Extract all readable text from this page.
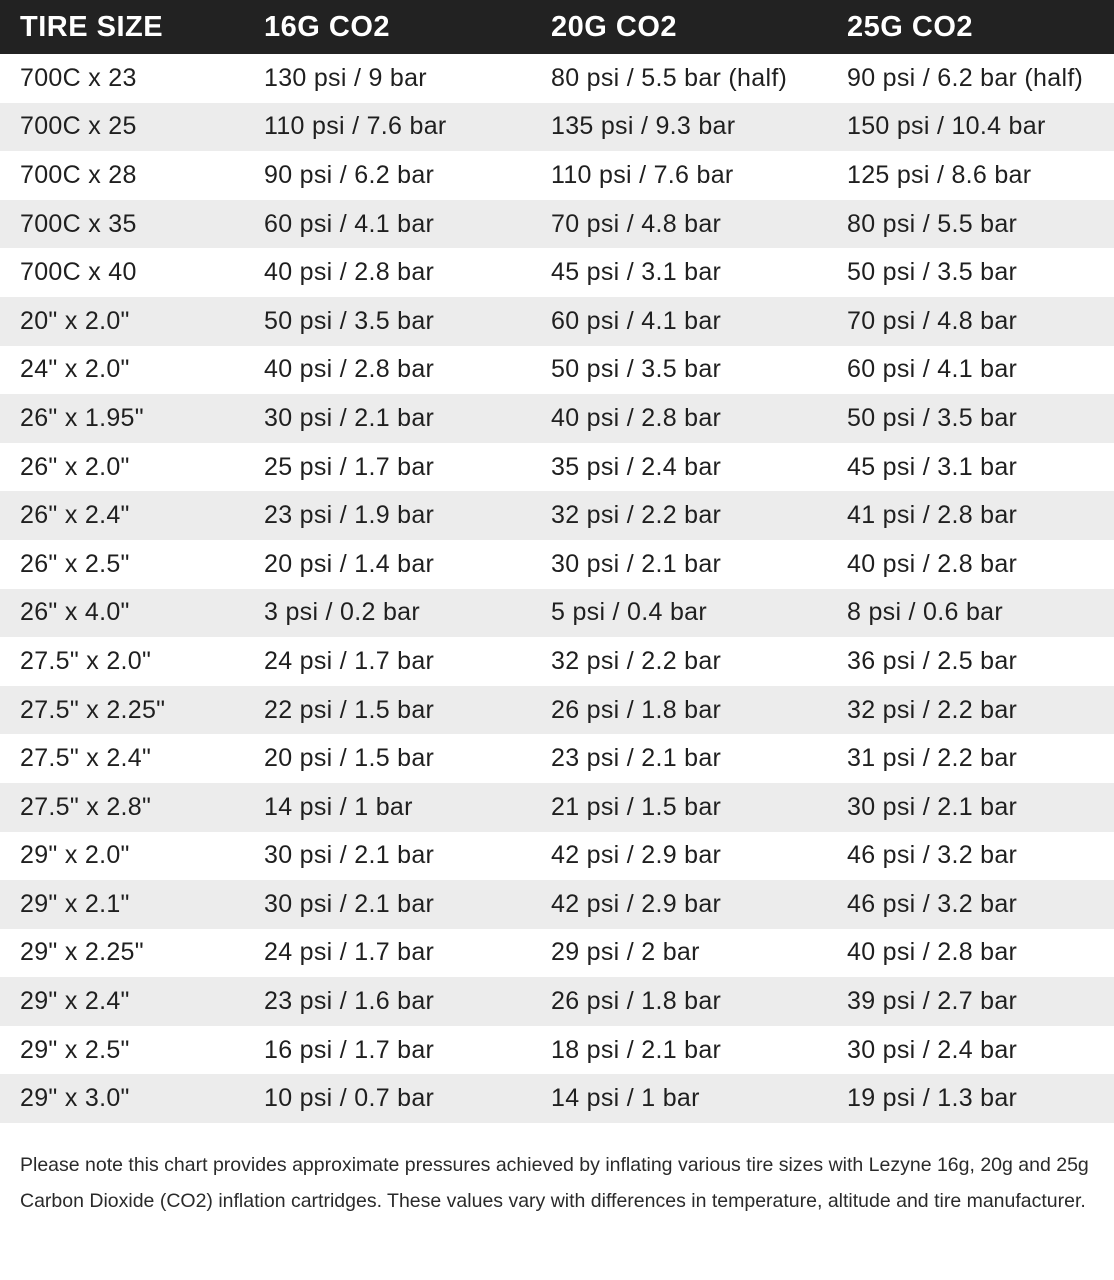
TIRE SIZE	16G CO2	20G CO2	25G CO2
700C x 23	130 psi / 9 bar	80 psi / 5.5 bar (half)	90 psi / 6.2 bar (half)
700C x 25	110 psi / 7.6 bar	135 psi / 9.3 bar	150 psi / 10.4 bar
700C x 28	90 psi / 6.2 bar	110 psi / 7.6 bar	125 psi / 8.6 bar
700C x 35	60 psi / 4.1 bar	70 psi / 4.8 bar	80 psi / 5.5 bar
700C x 40	40 psi / 2.8 bar	45 psi / 3.1 bar	50 psi / 3.5 bar
20" x 2.0"	50 psi / 3.5 bar	60 psi / 4.1 bar	70 psi / 4.8 bar
24" x 2.0"	40 psi / 2.8 bar	50 psi / 3.5 bar	60 psi / 4.1 bar
26" x 1.95"	30 psi / 2.1 bar	40 psi / 2.8 bar	50 psi / 3.5 bar
26" x 2.0"	25 psi / 1.7 bar	35 psi / 2.4 bar	45 psi / 3.1 bar
26" x 2.4"	23 psi / 1.9 bar	32 psi / 2.2 bar	41 psi / 2.8 bar
26" x 2.5"	20 psi / 1.4 bar	30 psi / 2.1 bar	40 psi / 2.8 bar
26" x 4.0"	3 psi / 0.2 bar	5 psi / 0.4 bar	8 psi / 0.6 bar
27.5" x 2.0"	24 psi / 1.7 bar	32 psi / 2.2 bar	36 psi / 2.5 bar
27.5" x 2.25"	22 psi / 1.5 bar	26 psi / 1.8 bar	32 psi / 2.2 bar
27.5" x 2.4"	20 psi / 1.5 bar	23 psi / 2.1 bar	31 psi / 2.2 bar
27.5" x 2.8"	14 psi / 1 bar	21 psi / 1.5 bar	30 psi / 2.1 bar
29" x 2.0"	30 psi / 2.1 bar	42 psi / 2.9 bar	46 psi / 3.2 bar
29" x 2.1"	30 psi / 2.1 bar	42 psi / 2.9 bar	46 psi / 3.2 bar
29" x 2.25"	24 psi / 1.7 bar	29 psi / 2 bar	40 psi / 2.8 bar
29" x 2.4"	23 psi / 1.6 bar	26 psi / 1.8 bar	39 psi / 2.7 bar
29" x 2.5"	16 psi / 1.7 bar	18 psi / 2.1 bar	30 psi / 2.4 bar
29" x 3.0"	10 psi / 0.7 bar	14 psi / 1 bar	19 psi / 1.3 bar
Please note this chart provides approximate pressures achieved by inflating various tire sizes with Lezyne 16g, 20g and 25g Carbon Dioxide (CO2) inflation cartridges. These values vary with differences in temperature, altitude and tire manufacturer.
